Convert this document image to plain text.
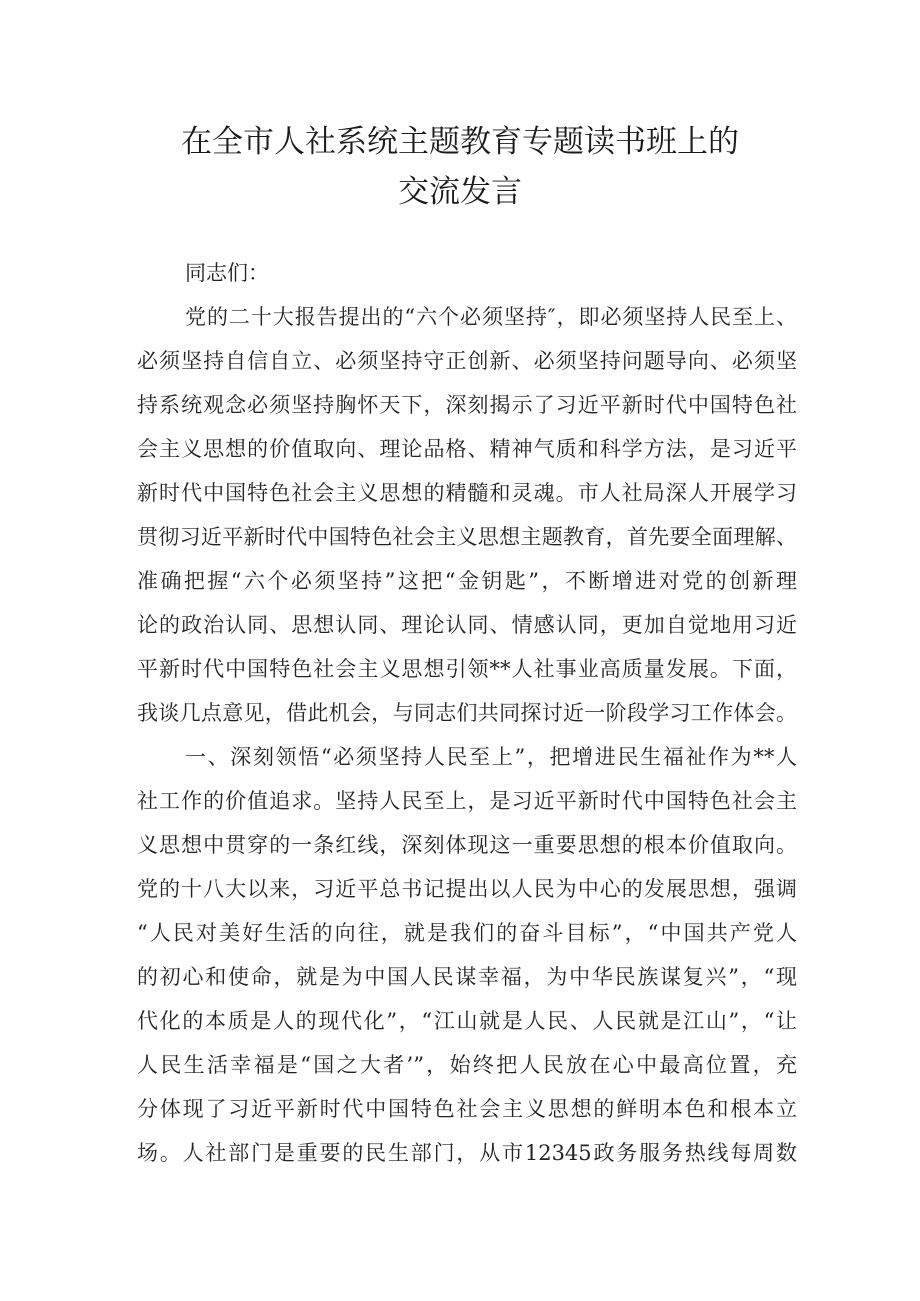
在全市人社系统主题教育专题读书班上的
交流发言
同志们：
党的二十大报告提出的“六个必须坚持″，即必须坚持人民至上、
必须坚持自信自立、必须坚持守正创新、必须坚持问题导向、必须坚
持系统观念必须坚持胸怀天下，深刻揭示了习近平新时代中国特色社
会主义思想的价值取向、理论品格、精神气质和科学方法，是习近平
新时代中国特色社会主义思想的精髓和灵魂。市人社局深人开展学习
贯彻习近平新时代中国特色社会主义思想主题教育，首先要全面理解、
准确把握“六个必须坚持”这把“金钥匙”，不断增进对党的创新理
论的政治认同、思想认同、理论认同、情感认同，更加自觉地用习近
平新时代中国特色社会主义思想引领**人社事业高质量发展。下面，
我谈几点意见，借此机会，与同志们共同探讨近一阶段学习工作体会。
一、深刻领悟“必须坚持人民至上”，把增进民生福祉作为**人
社工作的价值追求。坚持人民至上，是习近平新时代中国特色社会主
义思想中贯穿的一条红线，深刻体现这一重要思想的根本价值取向。
党的十八大以来，习近平总书记提出以人民为中心的发展思想，强调
“人民对美好生活的向往，就是我们的奋斗目标”，“中国共产党人
的初心和使命，就是为中国人民谋幸福，为中华民族谋复兴”，“现
代化的本质是人的现代化”，“江山就是人民、人民就是江山”，“让
人民生活幸福是“国之大者’”，始终把人民放在心中最高位置，充
分体现了习近平新时代中国特色社会主义思想的鲜明本色和根本立
场。人社部门是重要的民生部门，从市12345政务服务热线每周数
